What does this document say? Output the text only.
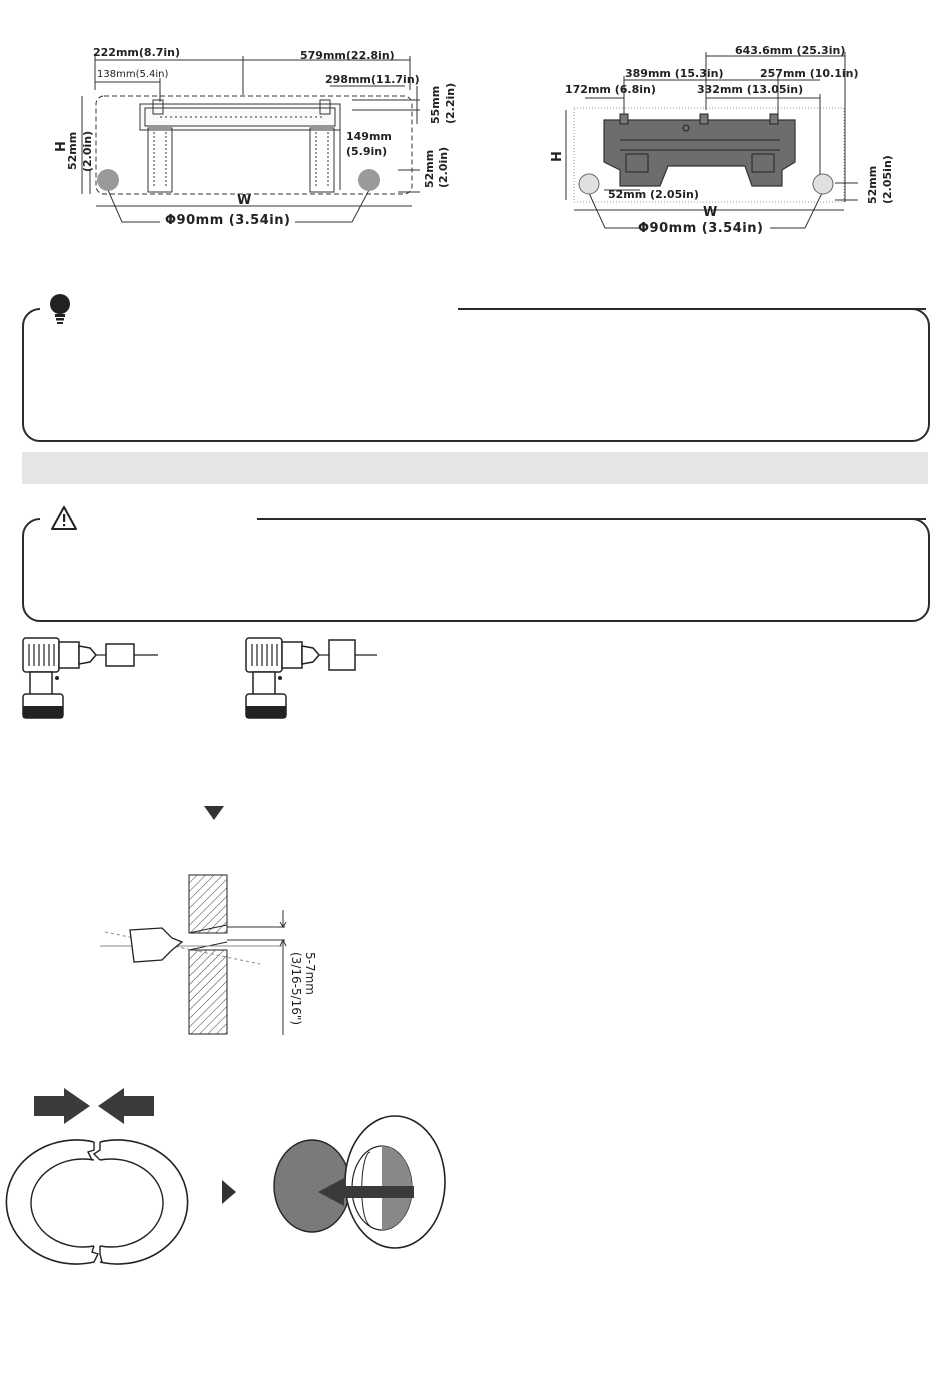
222mm(8.7in)	579mm(22.8in)
138mm(5.4in)	298mm(11.7in)
55mm (2.2in)
149mm
(5.9in)
52mm (2.0in)	52mm (2.0in)
H
W
Φ90mm (3.54in)
643.6mm (25.3in)
389mm (15.3in)	257mm (10.1in)
172mm (6.8in)	332mm (13.05in)
52mm (2.05in)	52mm (2.05in)
H
W
Φ90mm (3.54in)
5-7mm
(3/16-5/16")
